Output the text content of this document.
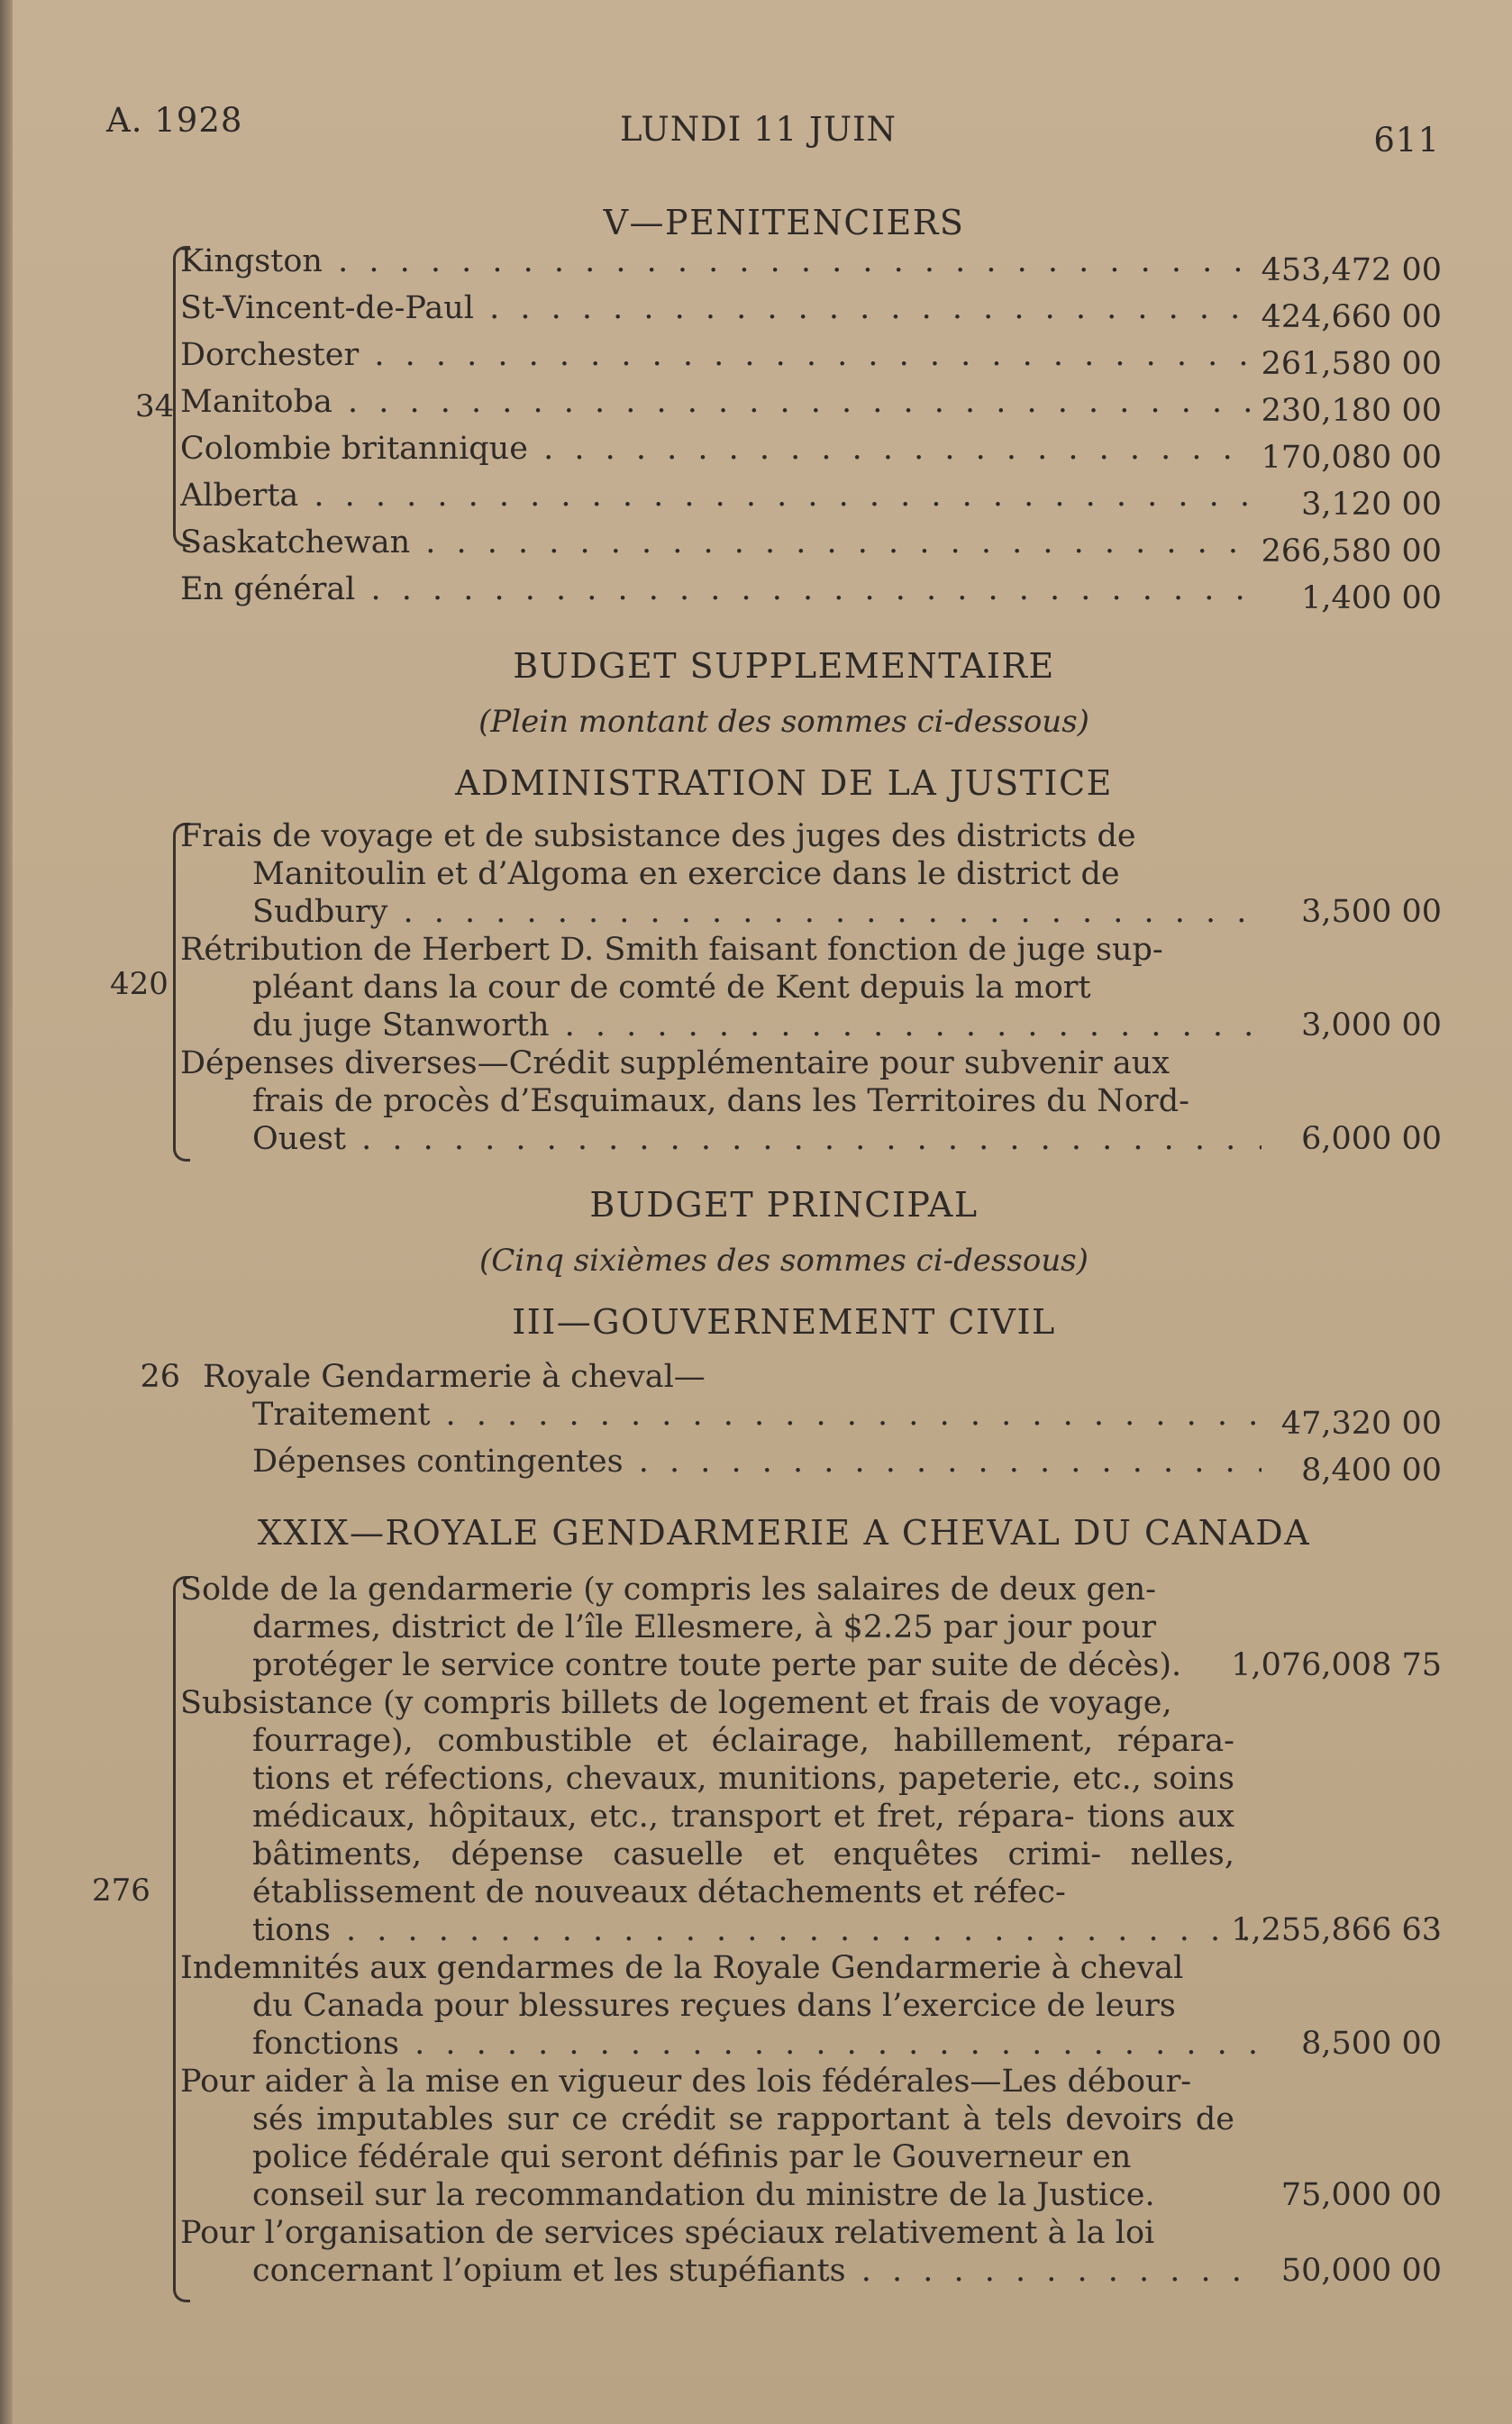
A. 1928	LUNDI 11 JUIN	611

V—PENITENCIERS

34
Kingston . . .	453,472 00
St-Vincent-de-Paul . . .	424,660 00
Dorchester . . .	261,580 00
Manitoba . . .	230,180 00
Colombie britannique . . .	170,080 00
Alberta . . .	3,120 00
Saskatchewan . . .	266,580 00
En général . . .	1,400 00

BUDGET SUPPLEMENTAIRE

(Plein montant des sommes ci-dessous)

ADMINISTRATION DE LA JUSTICE

420
Frais de voyage et de subsistance des juges des districts de
Manitoulin et d’Algoma en exercice dans le district de
Sudbury . . .	3,500 00
Rétribution de Herbert D. Smith faisant fonction de juge sup-
pléant dans la cour de comté de Kent depuis la mort
du juge Stanworth . . .	3,000 00
Dépenses diverses—Crédit supplémentaire pour subvenir aux
frais de procès d’Esquimaux, dans les Territoires du Nord-
Ouest . . .	6,000 00

BUDGET PRINCIPAL

(Cinq sixièmes des sommes ci-dessous)

III—GOUVERNEMENT CIVIL

26 Royale Gendarmerie à cheval—
Traitement . . .	47,320 00
Dépenses contingentes . . .	8,400 00

XXIX—ROYALE GENDARMERIE A CHEVAL DU CANADA

276
Solde de la gendarmerie (y compris les salaires de deux gen-
darmes, district de l’île Ellesmere, à $2.25 par jour pour
protéger le service contre toute perte par suite de décès).	1,076,008 75
Subsistance (y compris billets de logement et frais de voyage,
fourrage), combustible et éclairage, habillement, répara- tions et réfections, chevaux, munitions, papeterie, etc., soins médicaux, hôpitaux, etc., transport et fret, répara- tions aux bâtiments, dépense casuelle et enquêtes crimi- nelles, établissement de nouveaux détachements et réfec-
tions . . .	1,255,866 63
Indemnités aux gendarmes de la Royale Gendarmerie à cheval
du Canada pour blessures reçues dans l’exercice de leurs
fonctions . . .	8,500 00
Pour aider à la mise en vigueur des lois fédérales—Les débour-
sés imputables sur ce crédit se rapportant à tels devoirs de police fédérale qui seront définis par le Gouverneur en
conseil sur la recommandation du ministre de la Justice.	75,000 00
Pour l’organisation de services spéciaux relativement à la loi
concernant l’opium et les stupéfiants . . .	50,000 00
